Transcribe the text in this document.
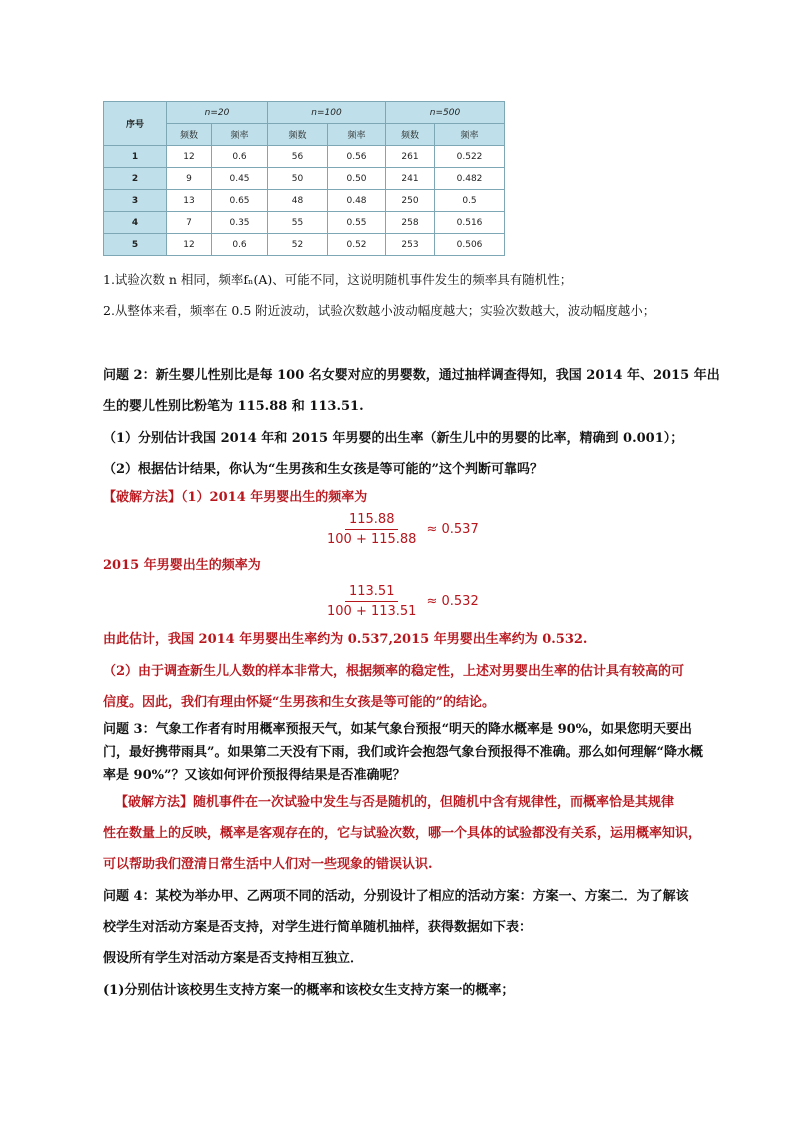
序号	n=20		n=100		n=500	
	频数	频率	频数	频率	频数	频率
1	12	0.6	56	0.56	261	0.522
2	9	0.45	50	0.50	241	0.482
3	13	0.65	48	0.48	250	0.5
4	7	0.35	55	0.55	258	0.516
5	12	0.6	52	0.52	253	0.506
1.试验次数 n 相同，频率fₙ(A)、可能不同，这说明随机事件发生的频率具有随机性；
2.从整体来看，频率在 0.5 附近波动，试验次数越小波动幅度越大；实验次数越大，波动幅度越小；
问题 2：新生婴儿性别比是每 100 名女婴对应的男婴数，通过抽样调查得知，我国 2014 年、2015 年出
生的婴儿性别比粉笔为 115.88 和 113.51.
（1）分别估计我国 2014 年和 2015 年男婴的出生率（新生儿中的男婴的比率，精确到 0.001）；
（2）根据估计结果，你认为“生男孩和生女孩是等可能的”这个判断可靠吗？
【破解方法】（1）2014 年男婴出生的频率为
$\frac{115.88}{100 + 115.88} \approx 0.537$
2015 年男婴出生的频率为
$\frac{113.51}{100 + 113.51} \approx 0.532$
由此估计，我国 2014 年男婴出生率约为 0.537,2015 年男婴出生率约为 0.532.
（2）由于调查新生儿人数的样本非常大，根据频率的稳定性，上述对男婴出生率的估计具有较高的可
信度。因此，我们有理由怀疑“生男孩和生女孩是等可能的”的结论。
问题 3：气象工作者有时用概率预报天气，如某气象台预报“明天的降水概率是 90%，如果您明天要出
门，最好携带雨具”。如果第二天没有下雨，我们或许会抱怨气象台预报得不准确。那么如何理解“降水概
率是 90%”？又该如何评价预报得结果是否准确呢？
【破解方法】随机事件在一次试验中发生与否是随机的，但随机中含有规律性，而概率恰是其规律
性在数量上的反映，概率是客观存在的，它与试验次数，哪一个具体的试验都没有关系，运用概率知识，
可以帮助我们澄清日常生活中人们对一些现象的错误认识.
问题 4：某校为举办甲、乙两项不同的活动，分别设计了相应的活动方案：方案一、方案二．为了解该
校学生对活动方案是否支持，对学生进行简单随机抽样，获得数据如下表：
假设所有学生对活动方案是否支持相互独立．
(1)分别估计该校男生支持方案一的概率和该校女生支持方案一的概率；
